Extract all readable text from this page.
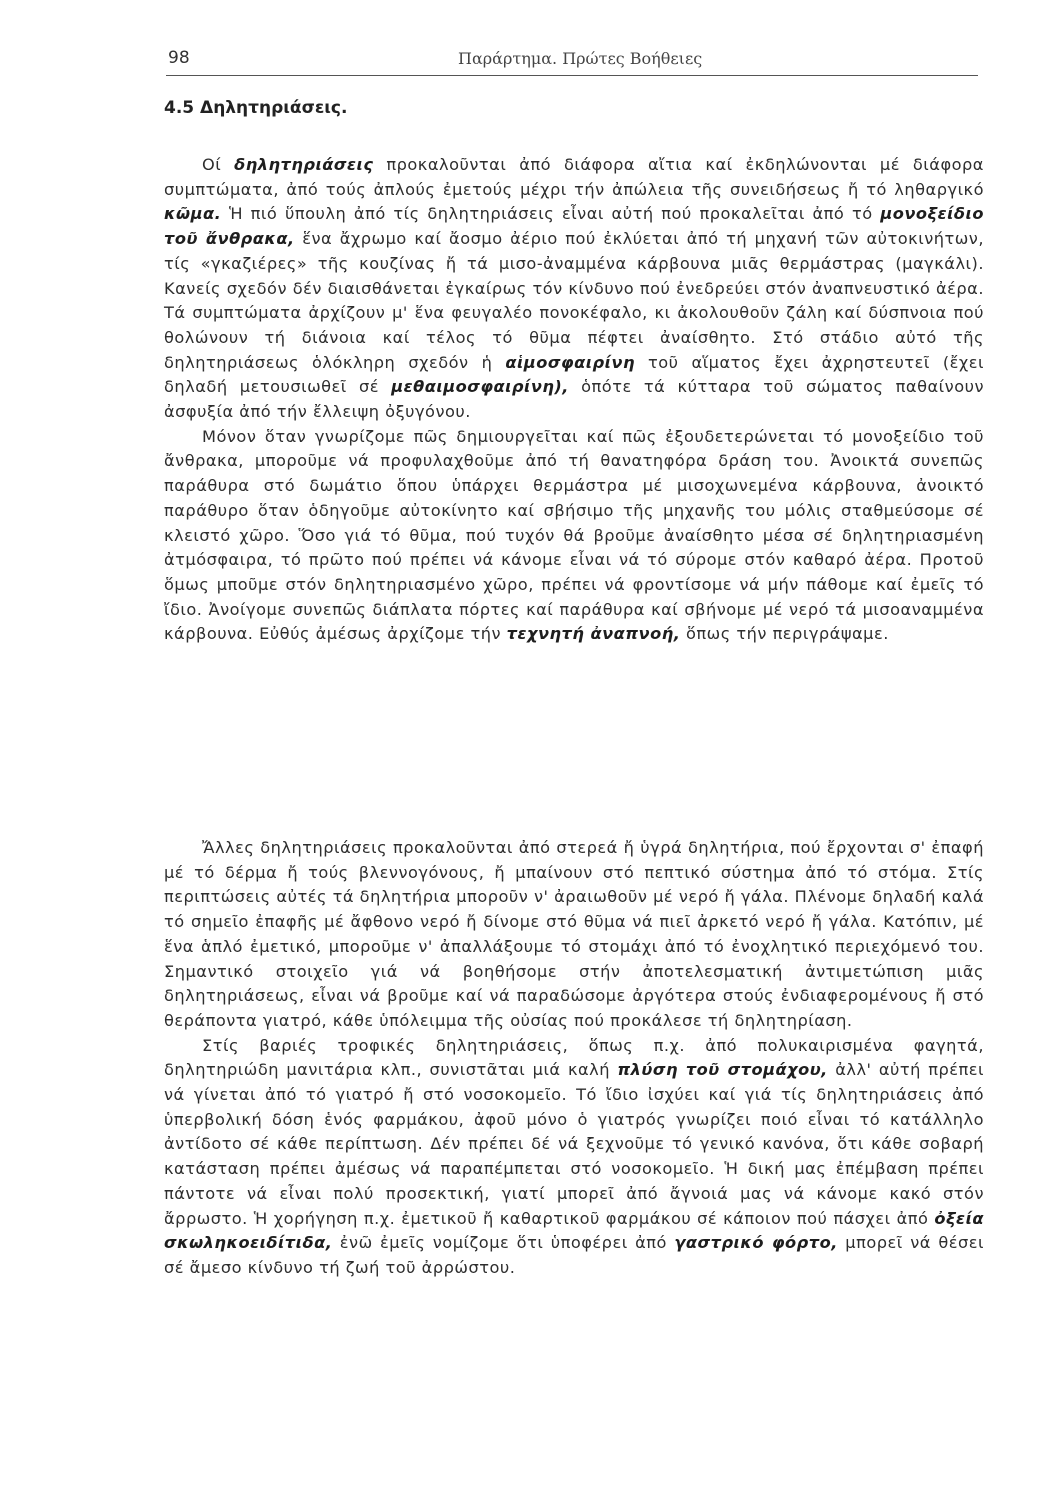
98	Παράρτημα. Πρώτες Βοήθειες
4.5 Δηλητηριάσεις.

Οί δηλητηριάσεις προκαλοῦνται ἀπό διάφορα αἴτια καί ἐκδηλώνονται μέ διάφορα συμπτώματα, ἀπό τούς ἀπλούς ἐμετούς μέχρι τήν ἀπώλεια τῆς συνειδήσεως ἤ τό ληθαργικό κῶμα. Ἡ πιό ὕπουλη ἀπό τίς δηλητηριάσεις εἶναι αὐτή πού προκαλεῖται ἀπό τό μονοξείδιο τοῦ ἄνθρακα, ἕνα ἄχρωμο καί ἄοσμο ἀέριο πού ἐκλύεται ἀπό τή μηχανή τῶν αὐτοκινήτων, τίς «γκαζιέρες» τῆς κουζίνας ἤ τά μισο-ἀναμμένα κάρβουνα μιᾶς θερμάστρας (μαγκάλι). Κανείς σχεδόν δέν διαισθάνεται ἐγκαίρως τόν κίνδυνο πού ἐνεδρεύει στόν ἀναπνευστικό ἀέρα. Τά συμπτώματα ἀρχίζουν μ' ἕνα φευγαλέο πονοκέφαλο, κι ἀκολουθοῦν ζάλη καί δύσπνοια πού θολώνουν τή διάνοια καί τέλος τό θῦμα πέφτει ἀναίσθητο. Στό στάδιο αὐτό τῆς δηλητηριάσεως ὁλόκληρη σχεδόν ἡ αἱμοσφαιρίνη τοῦ αἵματος ἔχει ἀχρηστευτεῖ (ἔχει δηλαδή μετουσιωθεῖ σέ μεθαιμοσφαιρίνη), ὁπότε τά κύτταρα τοῦ σώματος παθαίνουν ἀσφυξία ἀπό τήν ἔλλειψη ὀξυγόνου.

Μόνον ὅταν γνωρίζομε πῶς δημιουργεῖται καί πῶς ἐξουδετερώνεται τό μονοξείδιο τοῦ ἄνθρακα, μποροῦμε νά προφυλαχθοῦμε ἀπό τή θανατηφόρα δράση του. Ἀνοικτά συνεπῶς παράθυρα στό δωμάτιο ὅπου ὑπάρχει θερμάστρα μέ μισοχωνεμένα κάρβουνα, ἀνοικτό παράθυρο ὅταν ὁδηγοῦμε αὐτοκίνητο καί σβήσιμο τῆς μηχανῆς του μόλις σταθμεύσομε σέ κλειστό χῶρο. Ὅσο γιά τό θῦμα, πού τυχόν θά βροῦμε ἀναίσθητο μέσα σέ δηλητηριασμένη ἀτμόσφαιρα, τό πρῶτο πού πρέπει νά κάνομε εἶναι νά τό σύρομε στόν καθαρό ἀέρα. Προτοῦ ὅμως μποῦμε στόν δηλητηριασμένο χῶρο, πρέπει νά φροντίσομε νά μήν πάθομε καί ἐμεῖς τό ἴδιο. Ἀνοίγομε συνεπῶς διάπλατα πόρτες καί παράθυρα καί σβήνομε μέ νερό τά μισοαναμμένα κάρβουνα. Εὐθύς ἀμέσως ἀρχίζομε τήν τεχνητή ἀναπνοή, ὅπως τήν περιγράψαμε.

Ἄλλες δηλητηριάσεις προκαλοῦνται ἀπό στερεά ἤ ὑγρά δηλητήρια, πού ἔρχονται σ' ἐπαφή μέ τό δέρμα ἤ τούς βλεννογόνους, ἤ μπαίνουν στό πεπτικό σύστημα ἀπό τό στόμα. Στίς περιπτώσεις αὐτές τά δηλητήρια μποροῦν ν' ἀραιωθοῦν μέ νερό ἤ γάλα. Πλένομε δηλαδή καλά τό σημεῖο ἐπαφῆς μέ ἄφθονο νερό ἤ δίνομε στό θῦμα νά πιεῖ ἀρκετό νερό ἤ γάλα. Κατόπιν, μέ ἕνα ἁπλό ἐμετικό, μποροῦμε ν' ἀπαλλάξουμε τό στομάχι ἀπό τό ἐνοχλητικό περιεχόμενό του. Σημαντικό στοιχεῖο γιά νά βοηθήσομε στήν ἀποτελεσματική ἀντιμετώπιση μιᾶς δηλητηριάσεως, εἶναι νά βροῦμε καί νά παραδώσομε ἀργότερα στούς ἐνδιαφερομένους ἤ στό θεράποντα γιατρό, κάθε ὑπόλειμμα τῆς οὐσίας πού προκάλεσε τή δηλητηρίαση.

Στίς βαριές τροφικές δηλητηριάσεις, ὅπως π.χ. ἀπό πολυκαιρισμένα φαγητά, δηλητηριώδη μανιτάρια κλπ., συνιστᾶται μιά καλή πλύση τοῦ στομάχου, ἀλλ' αὐτή πρέπει νά γίνεται ἀπό τό γιατρό ἤ στό νοσοκομεῖο. Τό ἴδιο ἰσχύει καί γιά τίς δηλητηριάσεις ἀπό ὑπερβολική δόση ἑνός φαρμάκου, ἀφοῦ μόνο ὁ γιατρός γνωρίζει ποιό εἶναι τό κατάλληλο ἀντίδοτο σέ κάθε περίπτωση. Δέν πρέπει δέ νά ξεχνοῦμε τό γενικό κανόνα, ὅτι κάθε σοβαρή κατάσταση πρέπει ἀμέσως νά παραπέμπεται στό νοσοκομεῖο. Ἡ δική μας ἐπέμβαση πρέπει πάντοτε νά εἶναι πολύ προσεκτική, γιατί μπορεῖ ἀπό ἄγνοιά μας νά κάνομε κακό στόν ἄρρωστο. Ἡ χορήγηση π.χ. ἐμετικοῦ ἤ καθαρτικοῦ φαρμάκου σέ κάποιον πού πάσχει ἀπό ὀξεία σκωληκοειδίτιδα, ἐνῶ ἐμεῖς νομίζομε ὅτι ὑποφέρει ἀπό γαστρικό φόρτο, μπορεῖ νά θέσει σέ ἄμεσο κίνδυνο τή ζωή τοῦ ἀρρώστου.
